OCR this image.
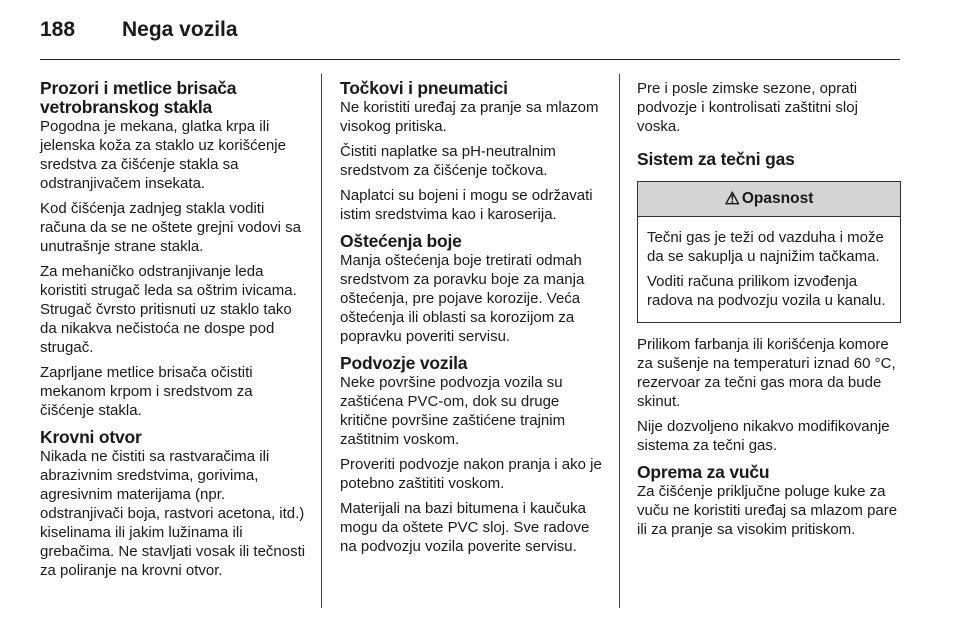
188	Nega vozila
Prozori i metlice brisača vetrobranskog stakla

Pogodna je mekana, glatka krpa ili jelenska koža za staklo uz korišćenje sredstva za čišćenje stakla sa odstranjivačem insekata.

Kod čišćenja zadnjeg stakla voditi računa da se ne oštete grejni vodovi sa unutrašnje strane stakla.

Za mehaničko odstranjivanje leda koristiti strugač leda sa oštrim ivicama. Strugač čvrsto pritisnuti uz staklo tako da nikakva nečistoća ne dospe pod strugač.

Zaprljane metlice brisača očistiti mekanom krpom i sredstvom za čišćenje stakla.

Krovni otvor

Nikada ne čistiti sa rastvaračima ili abrazivnim sredstvima, gorivima, agresivnim materijama (npr. odstranjivači boja, rastvori acetona, itd.) kiselinama ili jakim lužinama ili grebačima. Ne stavljati vosak ili tečnosti za poliranje na krovni otvor.

Točkovi i pneumatici

Ne koristiti uređaj za pranje sa mlazom visokog pritiska.

Čistiti naplatke sa pH-neutralnim sredstvom za čišćenje točkova.

Naplatci su bojeni i mogu se održavati istim sredstvima kao i karoserija.

Oštećenja boje

Manja oštećenja boje tretirati odmah sredstvom za poravku boje za manja oštećenja, pre pojave korozije. Veća oštećenja ili oblasti sa korozijom za popravku poveriti servisu.

Podvozje vozila

Neke površine podvozja vozila su zaštićena PVC-om, dok su druge kritične površine zaštićene trajnim zaštitnim voskom.

Proveriti podvozje nakon pranja i ako je potebno zaštititi voskom.

Materijali na bazi bitumena i kaučuka mogu da oštete PVC sloj. Sve radove na podvozju vozila poverite servisu.

Pre i posle zimske sezone, oprati podvozje i kontrolisati zaštitni sloj voska.

Sistem za tečni gas
⚠ Opasnost

Tečni gas je teži od vazduha i može da se sakuplja u najnižim tačkama.

Voditi računa prilikom izvođenja radova na podvozju vozila u kanalu.

Prilikom farbanja ili korišćenja komore za sušenje na temperaturi iznad 60 °C, rezervoar za tečni gas mora da bude skinut.

Nije dozvoljeno nikakvo modifikovanje sistema za tečni gas.

Oprema za vuču

Za čišćenje priključne poluge kuke za vuču ne koristiti uređaj sa mlazom pare ili za pranje sa visokim pritiskom.
